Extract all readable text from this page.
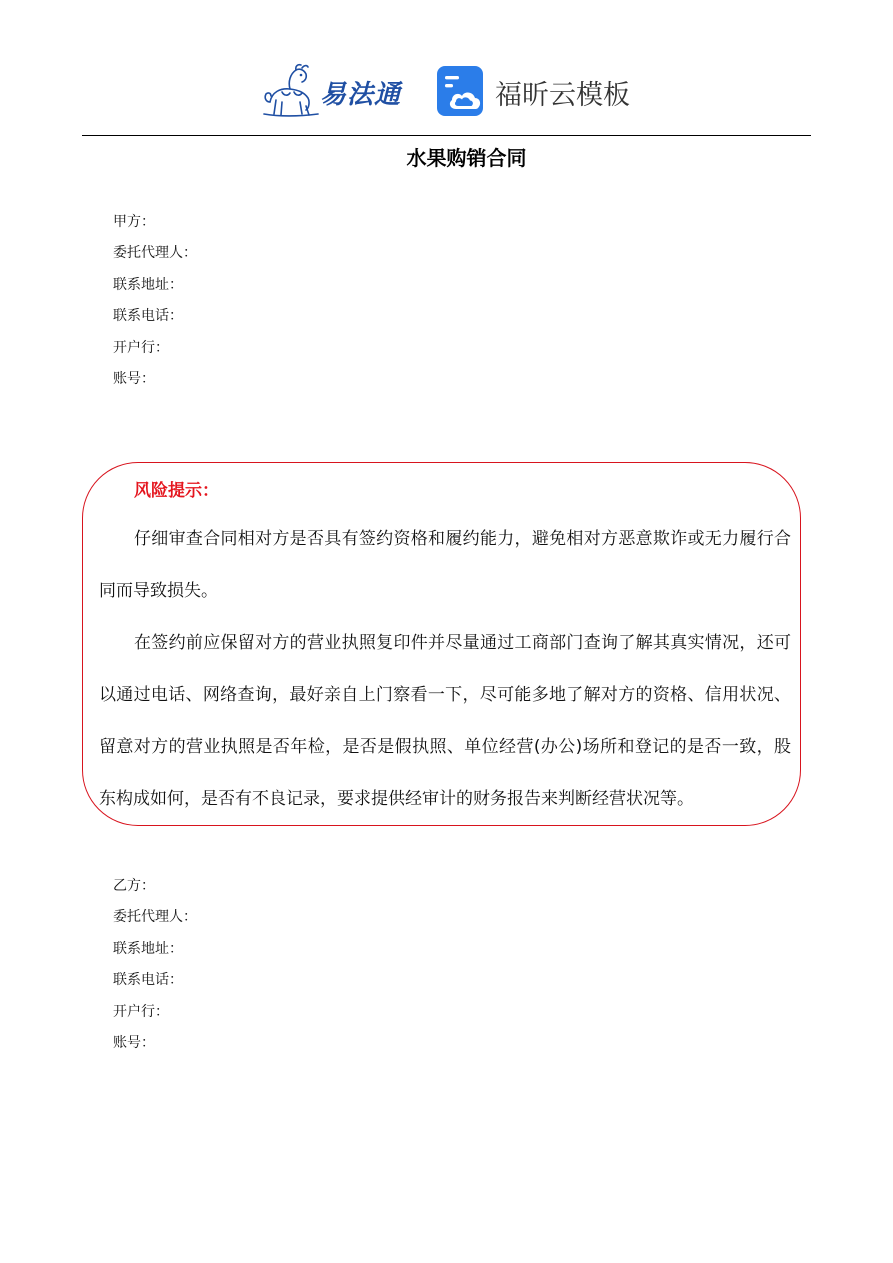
易法通	福昕云模板
水果购销合同
甲方：
委托代理人：
联系地址：
联系电话：
开户行：
账号：
风险提示：

仔细审查合同相对方是否具有签约资格和履约能力，避免相对方恶意欺诈或无力履行合同而导致损失。

在签约前应保留对方的营业执照复印件并尽量通过工商部门查询了解其真实情况，还可以通过电话、网络查询，最好亲自上门察看一下，尽可能多地了解对方的资格、信用状况、留意对方的营业执照是否年检，是否是假执照、单位经营(办公)场所和登记的是否一致，股东构成如何，是否有不良记录，要求提供经审计的财务报告来判断经营状况等。

乙方：
委托代理人：
联系地址：
联系电话：
开户行：
账号：
